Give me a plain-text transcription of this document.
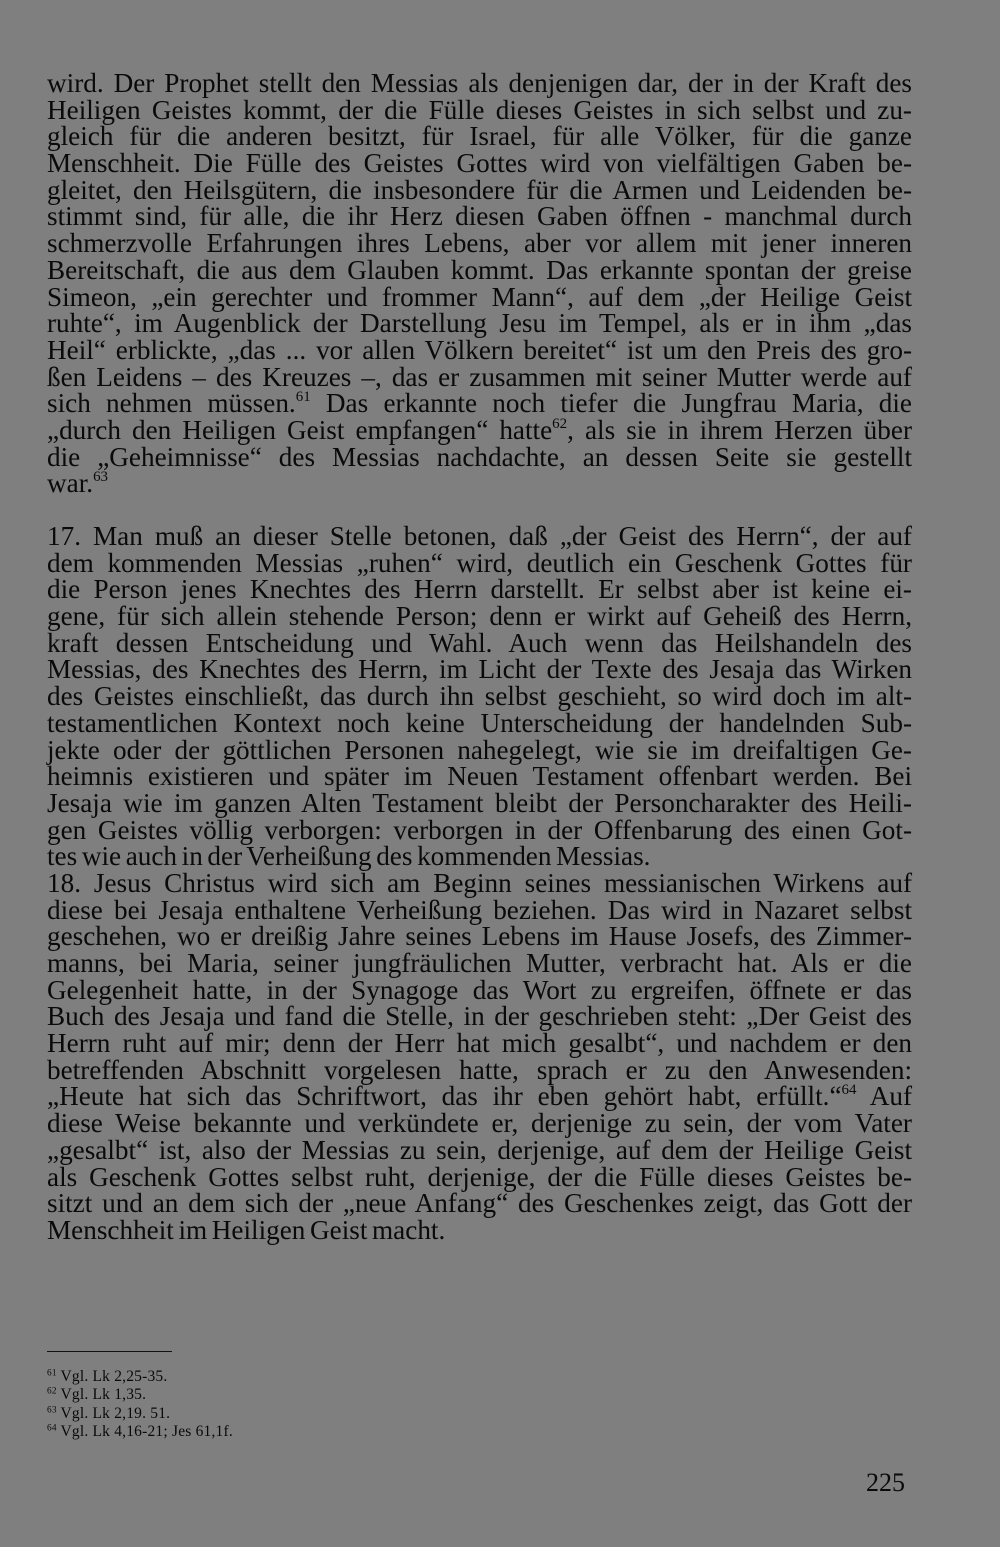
wird. Der Prophet stellt den Messias als denjenigen dar, der in der Kraft des
Heiligen Geistes kommt, der die Fülle dieses Geistes in sich selbst und zu-
gleich für die anderen besitzt, für Israel, für alle Völker, für die ganze
Menschheit. Die Fülle des Geistes Gottes wird von vielfältigen Gaben be-
gleitet, den Heilsgütern, die insbesondere für die Armen und Leidenden be-
stimmt sind, für alle, die ihr Herz diesen Gaben öffnen - manchmal durch
schmerzvolle Erfahrungen ihres Lebens, aber vor allem mit jener inneren
Bereitschaft, die aus dem Glauben kommt. Das erkannte spontan der greise
Simeon, „ein gerechter und frommer Mann“, auf dem „der Heilige Geist
ruhte“, im Augenblick der Darstellung Jesu im Tempel, als er in ihm „das
Heil“ erblickte, „das ... vor allen Völkern bereitet“ ist um den Preis des gro-
ßen Leidens – des Kreuzes –, das er zusammen mit seiner Mutter werde auf
sich nehmen müssen.$^{61}$ Das erkannte noch tiefer die Jungfrau Maria, die
„durch den Heiligen Geist empfangen“ hatte$^{62}$, als sie in ihrem Herzen über
die „Geheimnisse“ des Messias nachdachte, an dessen Seite sie gestellt
war.$^{63}$
17. Man muß an dieser Stelle betonen, daß „der Geist des Herrn“, der auf
dem kommenden Messias „ruhen“ wird, deutlich ein Geschenk Gottes für
die Person jenes Knechtes des Herrn darstellt. Er selbst aber ist keine ei-
gene, für sich allein stehende Person; denn er wirkt auf Geheiß des Herrn,
kraft dessen Entscheidung und Wahl. Auch wenn das Heilshandeln des
Messias, des Knechtes des Herrn, im Licht der Texte des Jesaja das Wirken
des Geistes einschließt, das durch ihn selbst geschieht, so wird doch im alt-
testamentlichen Kontext noch keine Unterscheidung der handelnden Sub-
jekte oder der göttlichen Personen nahegelegt, wie sie im dreifaltigen Ge-
heimnis existieren und später im Neuen Testament offenbart werden. Bei
Jesaja wie im ganzen Alten Testament bleibt der Personcharakter des Heili-
gen Geistes völlig verborgen: verborgen in der Offenbarung des einen Got-
tes wie auch in der Verheißung des kommenden Messias.
18. Jesus Christus wird sich am Beginn seines messianischen Wirkens auf
diese bei Jesaja enthaltene Verheißung beziehen. Das wird in Nazaret selbst
geschehen, wo er dreißig Jahre seines Lebens im Hause Josefs, des Zimmer-
manns, bei Maria, seiner jungfräulichen Mutter, verbracht hat. Als er die
Gelegenheit hatte, in der Synagoge das Wort zu ergreifen, öffnete er das
Buch des Jesaja und fand die Stelle, in der geschrieben steht: „Der Geist des
Herrn ruht auf mir; denn der Herr hat mich gesalbt“, und nachdem er den
betreffenden Abschnitt vorgelesen hatte, sprach er zu den Anwesenden:
„Heute hat sich das Schriftwort, das ihr eben gehört habt, erfüllt.“$^{64}$ Auf
diese Weise bekannte und verkündete er, derjenige zu sein, der vom Vater
„gesalbt“ ist, also der Messias zu sein, derjenige, auf dem der Heilige Geist
als Geschenk Gottes selbst ruht, derjenige, der die Fülle dieses Geistes be-
sitzt und an dem sich der „neue Anfang“ des Geschenkes zeigt, das Gott der
Menschheit im Heiligen Geist macht.
$^{61}$ Vgl. Lk 2,25-35.
$^{62}$ Vgl. Lk 1,35.
$^{63}$ Vgl. Lk 2,19. 51.
$^{64}$ Vgl. Lk 4,16-21; Jes 61,1f.
225
